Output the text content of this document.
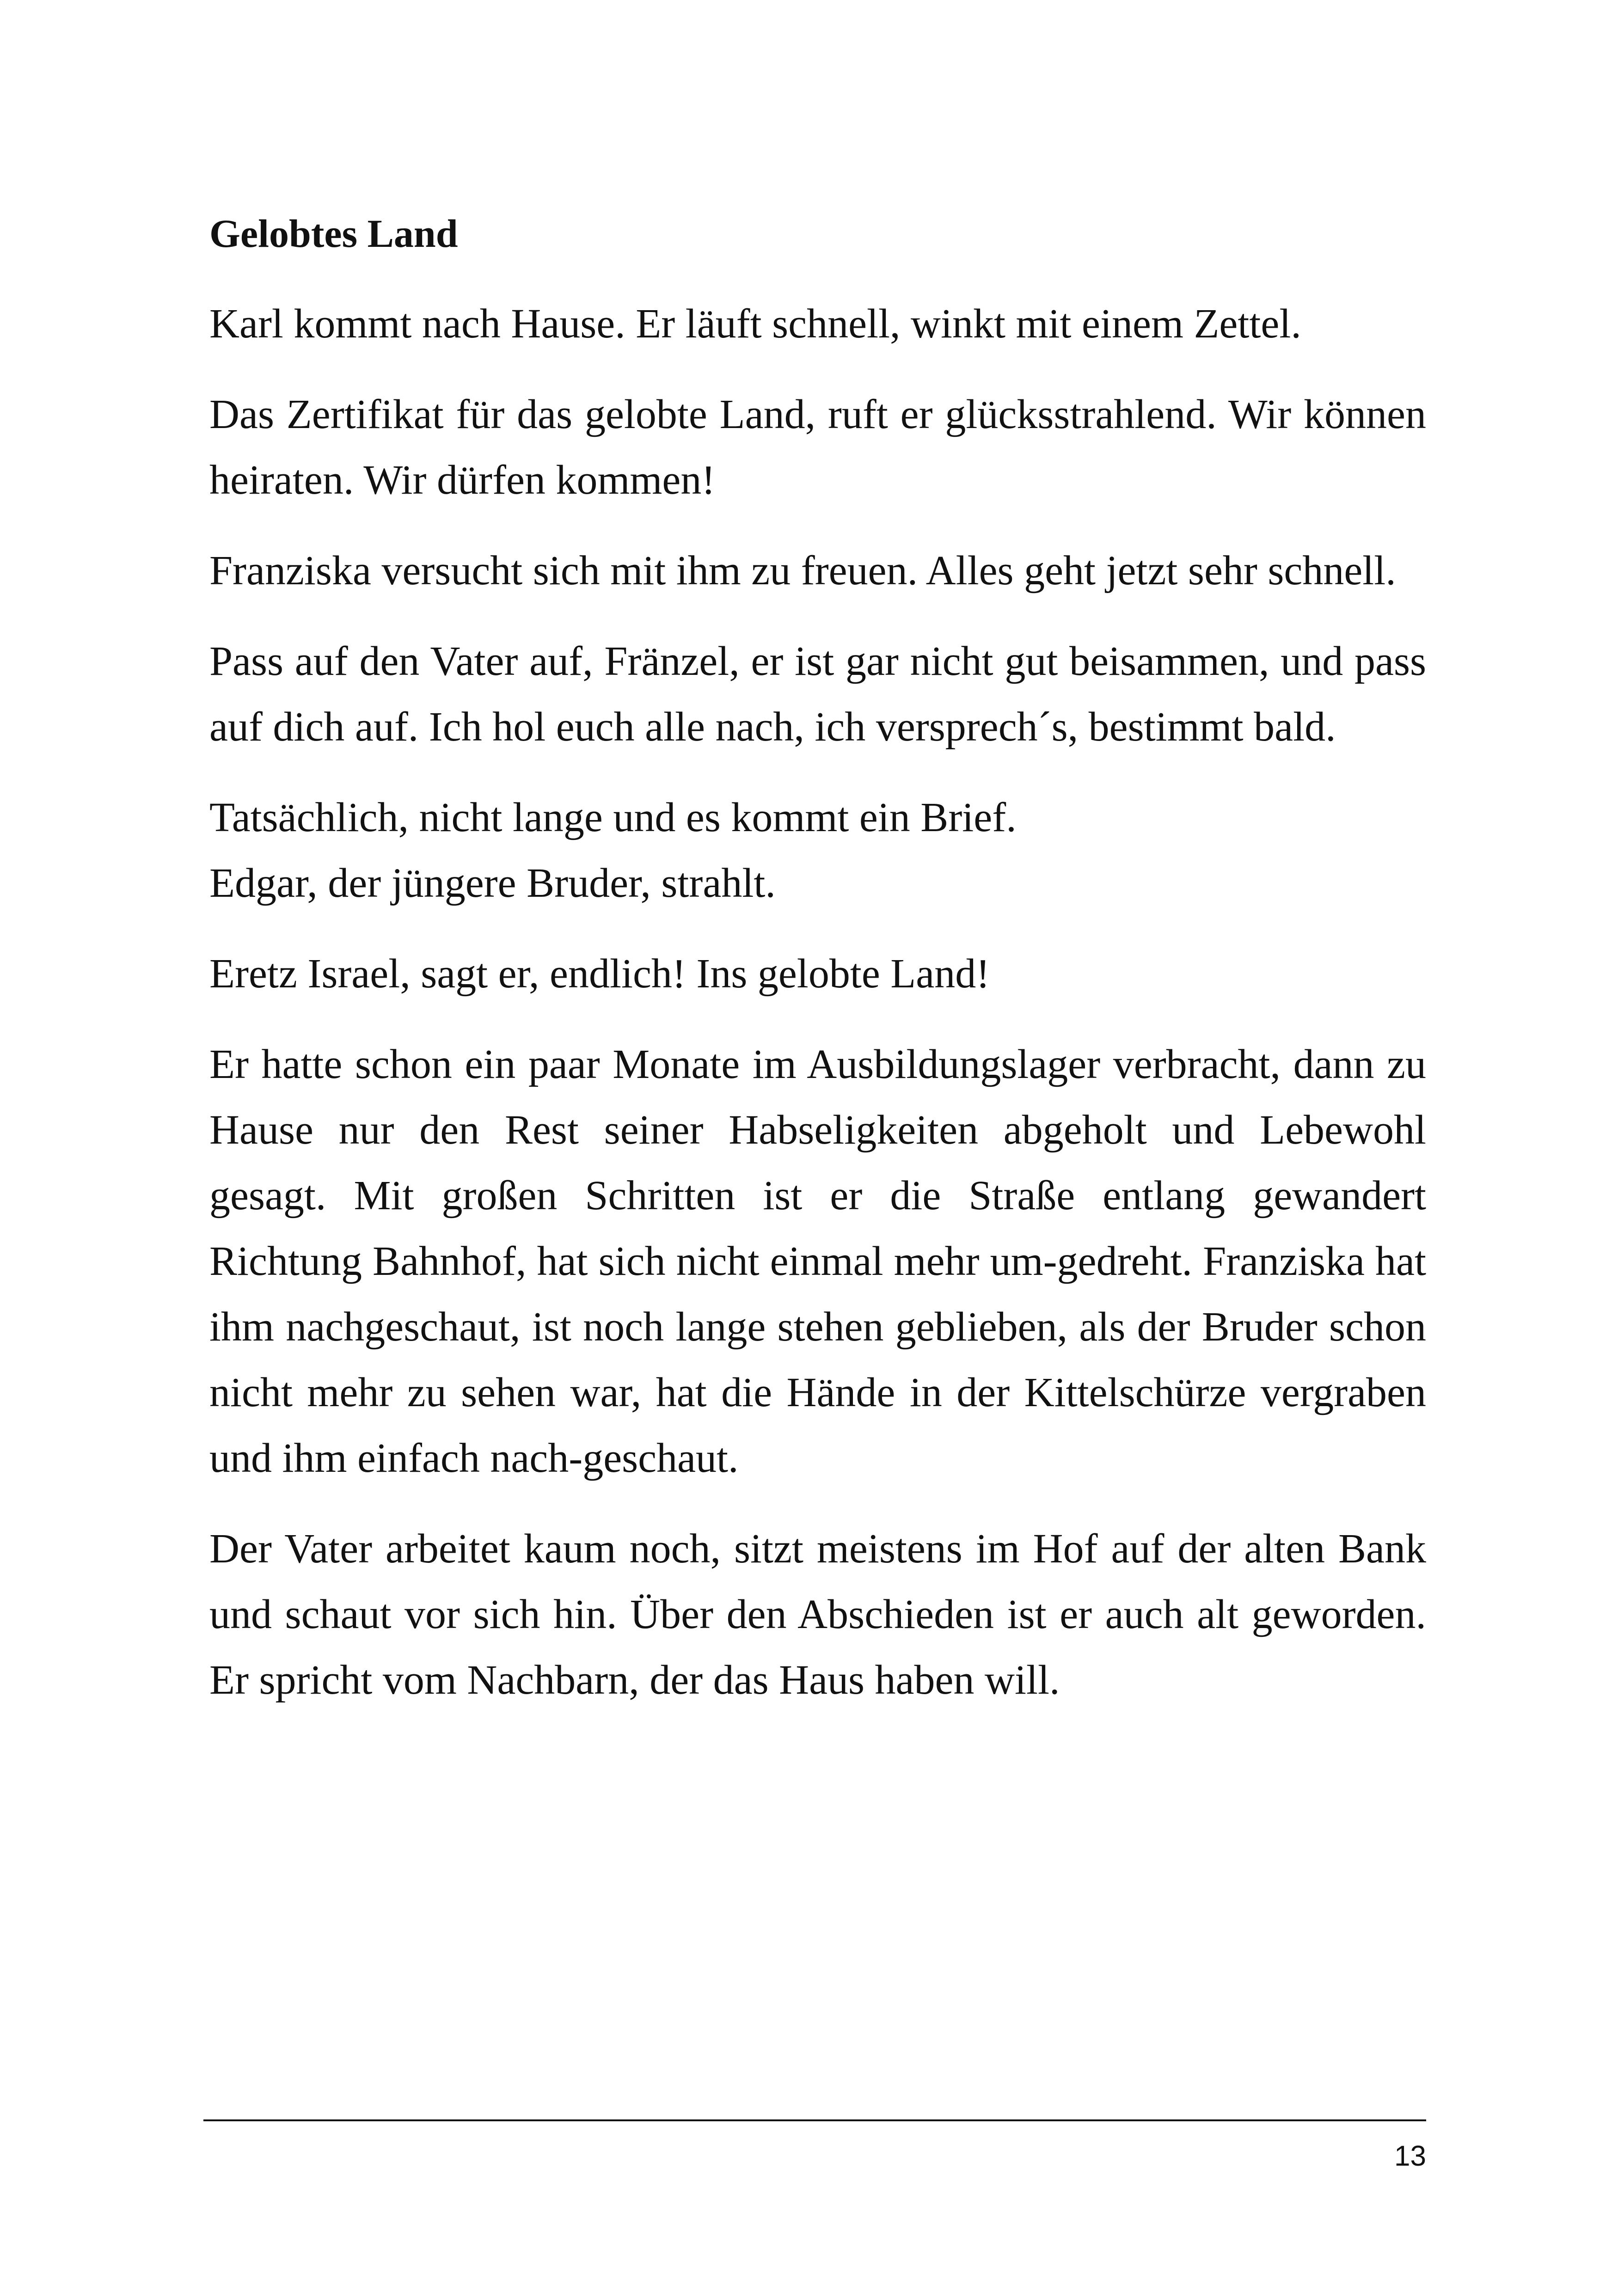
Gelobtes Land

Karl kommt nach Hause. Er läuft schnell, winkt mit einem Zettel.

Das Zertifikat für das gelobte Land, ruft er glücksstrahlend. Wir können heiraten. Wir dürfen kommen!

Franziska versucht sich mit ihm zu freuen. Alles geht jetzt sehr schnell.

Pass auf den Vater auf, Fränzel, er ist gar nicht gut beisammen, und pass auf dich auf. Ich hol euch alle nach, ich versprech´s, bestimmt bald.

Tatsächlich, nicht lange und es kommt ein Brief.

Edgar, der jüngere Bruder, strahlt.

Eretz Israel, sagt er, endlich! Ins gelobte Land!

Er hatte schon ein paar Monate im Ausbildungslager verbracht, dann zu Hause nur den Rest seiner Habseligkeiten abgeholt und Lebewohl gesagt. Mit großen Schritten ist er die Straße entlang gewandert Richtung Bahnhof, hat sich nicht einmal mehr um-gedreht. Franziska hat ihm nachgeschaut, ist noch lange stehen geblieben, als der Bruder schon nicht mehr zu sehen war, hat die Hände in der Kittelschürze vergraben und ihm einfach nach-geschaut.

Der Vater arbeitet kaum noch, sitzt meistens im Hof auf der alten Bank und schaut vor sich hin. Über den Abschieden ist er auch alt geworden. Er spricht vom Nachbarn, der das Haus haben will.

13
